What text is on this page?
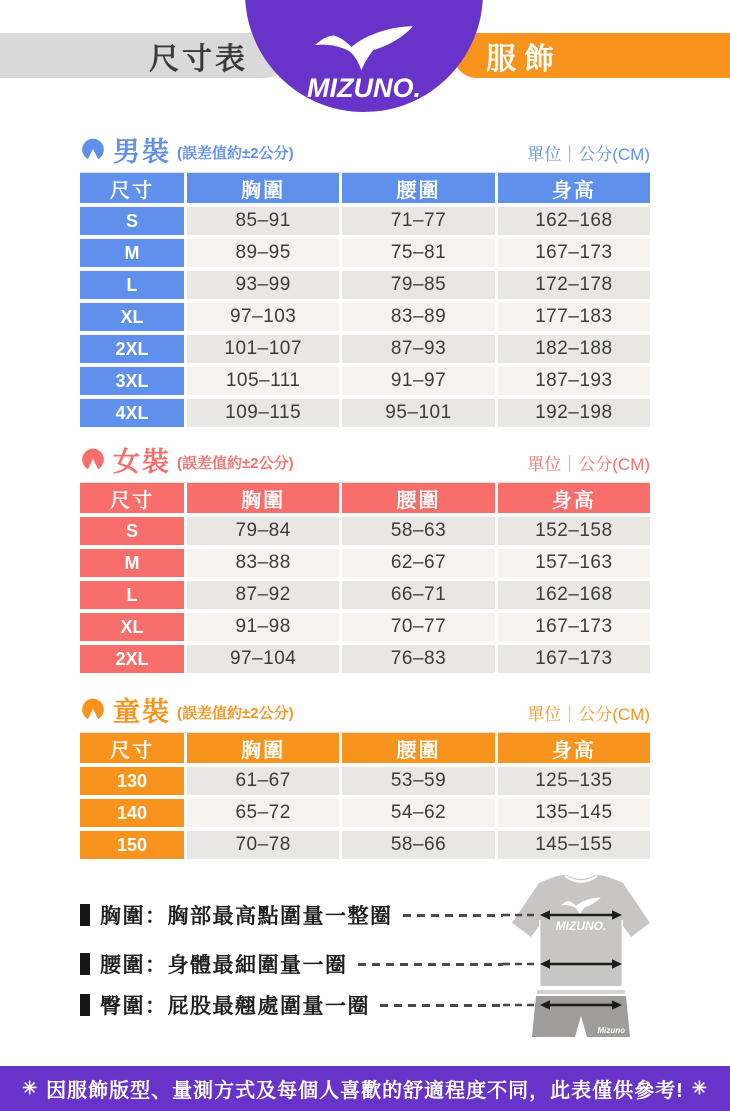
尺寸表	服飾
MIZUNO.
男裝 (誤差值約±2公分)	單位｜公分(CM)
尺寸	胸圍	腰圍	身高
S	85–91	71–77	162–168
M	89–95	75–81	167–173
L	93–99	79–85	172–178
XL	97–103	83–89	177–183
2XL	101–107	87–93	182–188
3XL	105–111	91–97	187–193
4XL	109–115	95–101	192–198
女裝 (誤差值約±2公分)	單位｜公分(CM)
尺寸	胸圍	腰圍	身高
S	79–84	58–63	152–158
M	83–88	62–67	157–163
L	87–92	66–71	162–168
XL	91–98	70–77	167–173
2XL	97–104	76–83	167–173
童裝 (誤差值約±2公分)	單位｜公分(CM)
尺寸	胸圍	腰圍	身高
130	61–67	53–59	125–135
140	65–72	54–62	135–145
150	70–78	58–66	145–155
胸圍：胸部最高點圍量一整圈
腰圍：身體最細圍量一圈
臀圍：屁股最翹處圍量一圈
MIZUNO.
Mizuno
✳ 因服飾版型、量測方式及每個人喜歡的舒適程度不同，此表僅供參考! ✳
